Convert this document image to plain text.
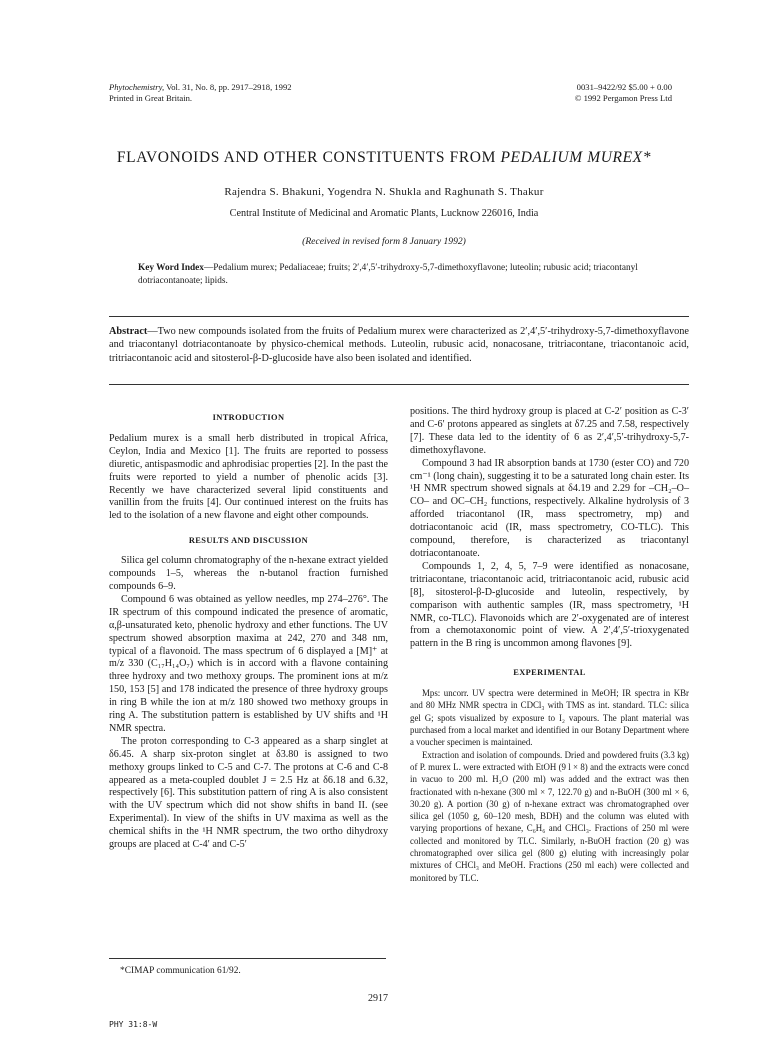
Phytochemistry, Vol. 31, No. 8, pp. 2917–2918, 1992
Printed in Great Britain.
0031–9422/92 $5.00 + 0.00
© 1992 Pergamon Press Ltd
FLAVONOIDS AND OTHER CONSTITUENTS FROM PEDALIUM MUREX*
Rajendra S. Bhakuni, Yogendra N. Shukla and Raghunath S. Thakur
Central Institute of Medicinal and Aromatic Plants, Lucknow 226016, India
(Received in revised form 8 January 1992)
Key Word Index—Pedalium murex; Pedaliaceae; fruits; 2′,4′,5′-trihydroxy-5,7-dimethoxyflavone; luteolin; rubusic acid; triacontanyl dotriacontanoate; lipids.
Abstract—Two new compounds isolated from the fruits of Pedalium murex were characterized as 2′,4′,5′-trihydroxy-5,7-dimethoxyflavone and triacontanyl dotriacontanoate by physico-chemical methods. Luteolin, rubusic acid, nonacosane, tritriacontane, triacontanoic acid, tritriacontanoic acid and sitosterol-β-D-glucoside have also been isolated and identified.
INTRODUCTION

Pedalium murex is a small herb distributed in tropical Africa, Ceylon, India and Mexico [1]. The fruits are reported to possess diuretic, antispasmodic and aphrodisiac properties [2]. In the past the fruits were reported to yield a number of phenolic acids [3]. Recently we have characterized several lipid constituents and vanillin from the fruits [4]. Our continued interest on the fruits has led to the isolation of a new flavone and eight other compounds.

RESULTS AND DISCUSSION

Silica gel column chromatography of the n-hexane extract yielded compounds 1–5, whereas the n-butanol fraction furnished compounds 6–9.

Compound 6 was obtained as yellow needles, mp 274–276°. The IR spectrum of this compound indicated the presence of aromatic, α,β-unsaturated keto, phenolic hydroxy and ether functions. The UV spectrum showed absorption maxima at 242, 270 and 348 nm, typical of a flavonoid. The mass spectrum of 6 displayed a [M]⁺ at m/z 330 (C₁₇H₁₄O₇) which is in accord with a flavone containing three hydroxy and two methoxy groups. The prominent ions at m/z 150, 153 [5] and 178 indicated the presence of three hydroxy groups in ring B while the ion at m/z 180 showed two methoxy groups in ring A. The substitution pattern is established by UV shifts and ¹H NMR spectra.

The proton corresponding to C-3 appeared as a sharp singlet at δ6.45. A sharp six-proton singlet at δ3.80 is assigned to two methoxy groups linked to C-5 and C-7. The protons at C-6 and C-8 appeared as a meta-coupled doublet J = 2.5 Hz at δ6.18 and 6.32, respectively [6]. This substitution pattern of ring A is also consistent with the UV spectrum which did not show shifts in band II. (see Experimental). In view of the shifts in UV maxima as well as the chemical shifts in the ¹H NMR spectrum, the two ortho dihydroxy groups are placed at C-4′ and C-5′

positions. The third hydroxy group is placed at C-2′ position as C-3′ and C-6′ protons appeared as singlets at δ7.25 and 7.58, respectively [7]. These data led to the identity of 6 as 2′,4′,5′-trihydroxy-5,7-dimethoxyflavone.

Compound 3 had IR absorption bands at 1730 (ester CO) and 720 cm⁻¹ (long chain), suggesting it to be a saturated long chain ester. Its ¹H NMR spectrum showed signals at δ4.19 and 2.29 for –CH₂–O–CO– and OC–CH₂ functions, respectively. Alkaline hydrolysis of 3 afforded triacontanol (IR, mass spectrometry, mp) and dotriacontanoic acid (IR, mass spectrometry, CO-TLC). This compound, therefore, is characterized as triacontanyl dotriacontanoate.

Compounds 1, 2, 4, 5, 7–9 were identified as nonacosane, tritriacontane, triacontanoic acid, tritriacontanoic acid, rubusic acid [8], sitosterol-β-D-glucoside and luteolin, respectively, by comparison with authentic samples (IR, mass spectrometry, ¹H NMR, co-TLC). Flavonoids which are 2′-oxygenated are of interest from a chemotaxonomic point of view. A 2′,4′,5′-trioxygenated pattern in the B ring is uncommon among flavones [9].

EXPERIMENTAL

Mps: uncorr. UV spectra were determined in MeOH; IR spectra in KBr and 80 MHz NMR spectra in CDCl₃ with TMS as int. standard. TLC: silica gel G; spots visualized by exposure to I₂ vapours. The plant material was purchased from a local market and identified in our Botany Department where a voucher specimen is maintained.

Extraction and isolation of compounds. Dried and powdered fruits (3.3 kg) of P. murex L. were extracted with EtOH (9 l × 8) and the extracts were concd in vacuo to 200 ml. H₂O (200 ml) was added and the extract was then fractionated with n-hexane (300 ml × 7, 122.70 g) and n-BuOH (300 ml × 6, 30.20 g). A portion (30 g) of n-hexane extract was chromatographed over silica gel (1050 g, 60–120 mesh, BDH) and the column was eluted with varying proportions of hexane, C₆H₆ and CHCl₃. Fractions of 250 ml were collected and monitored by TLC. Similarly, n-BuOH fraction (20 g) was chromatographed over silica gel (800 g) eluting with increasingly polar mixtures of CHCl₃ and MeOH. Fractions (250 ml each) were collected and monitored by TLC.

*CIMAP communication 61/92.
2917
PHY 31:8-W
